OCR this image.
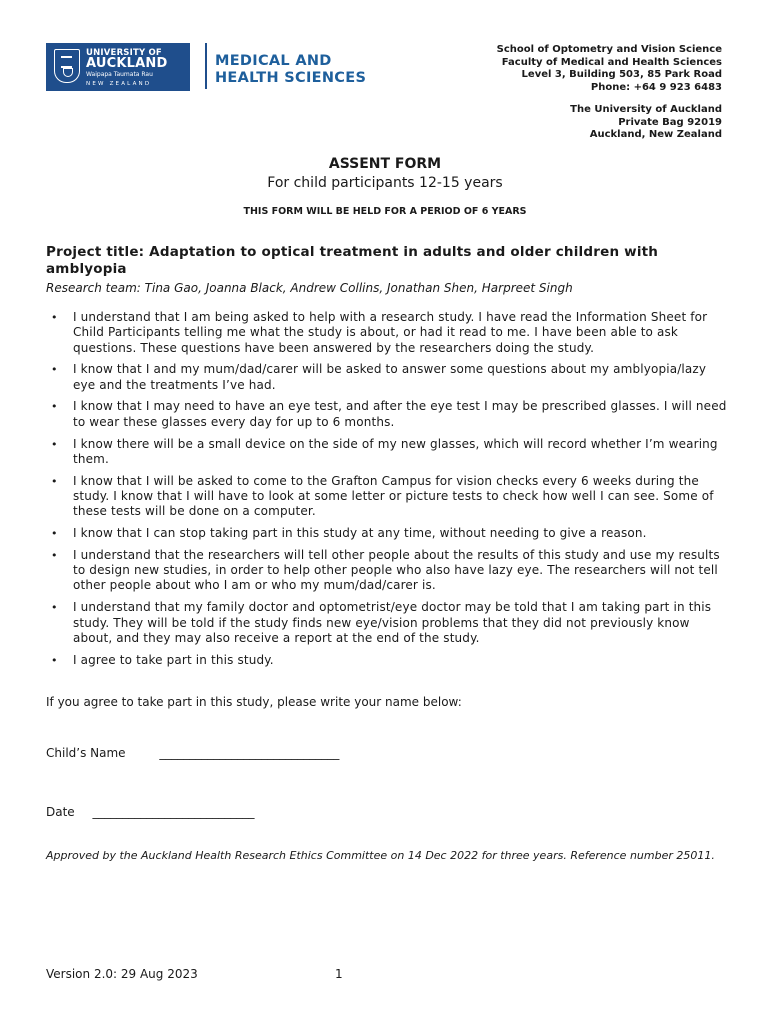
UNIVERSITY OF
AUCKLAND
Waipapa Taumata Rau
NEW ZEALAND
MEDICAL AND
HEALTH SCIENCES
School of Optometry and Vision Science
Faculty of Medical and Health Sciences
Level 3, Building 503, 85 Park Road
Phone: +64 9 923 6483
The University of Auckland
Private Bag 92019
Auckland, New Zealand
ASSENT FORM
For child participants 12-15 years
THIS FORM WILL BE HELD FOR A PERIOD OF 6 YEARS
Project title: Adaptation to optical treatment in adults and older children with amblyopia
Research team: Tina Gao, Joanna Black, Andrew Collins, Jonathan Shen, Harpreet Singh
• I understand that I am being asked to help with a research study. I have read the Information Sheet for Child Participants telling me what the study is about, or had it read to me. I have been able to ask questions. These questions have been answered by the researchers doing the study.
• I know that I and my mum/dad/carer will be asked to answer some questions about my amblyopia/lazy eye and the treatments I’ve had.
• I know that I may need to have an eye test, and after the eye test I may be prescribed glasses. I will need to wear these glasses every day for up to 6 months.
• I know there will be a small device on the side of my new glasses, which will record whether I’m wearing them.
• I know that I will be asked to come to the Grafton Campus for vision checks every 6 weeks during the study. I know that I will have to look at some letter or picture tests to check how well I can see. Some of these tests will be done on a computer.
• I know that I can stop taking part in this study at any time, without needing to give a reason.
• I understand that the researchers will tell other people about the results of this study and use my results to design new studies, in order to help other people who also have lazy eye. The researchers will not tell other people about who I am or who my mum/dad/carer is.
• I understand that my family doctor and optometrist/eye doctor may be told that I am taking part in this study. They will be told if the study finds new eye/vision problems that they did not previously know about, and they may also receive a report at the end of the study.
• I agree to take part in this study.
If you agree to take part in this study, please write your name below:
Child’s Name	______________________________
Date ___________________________
Approved by the Auckland Health Research Ethics Committee on 14 Dec 2022 for three years. Reference number 25011.
Version 2.0: 29 Aug 2023	1
